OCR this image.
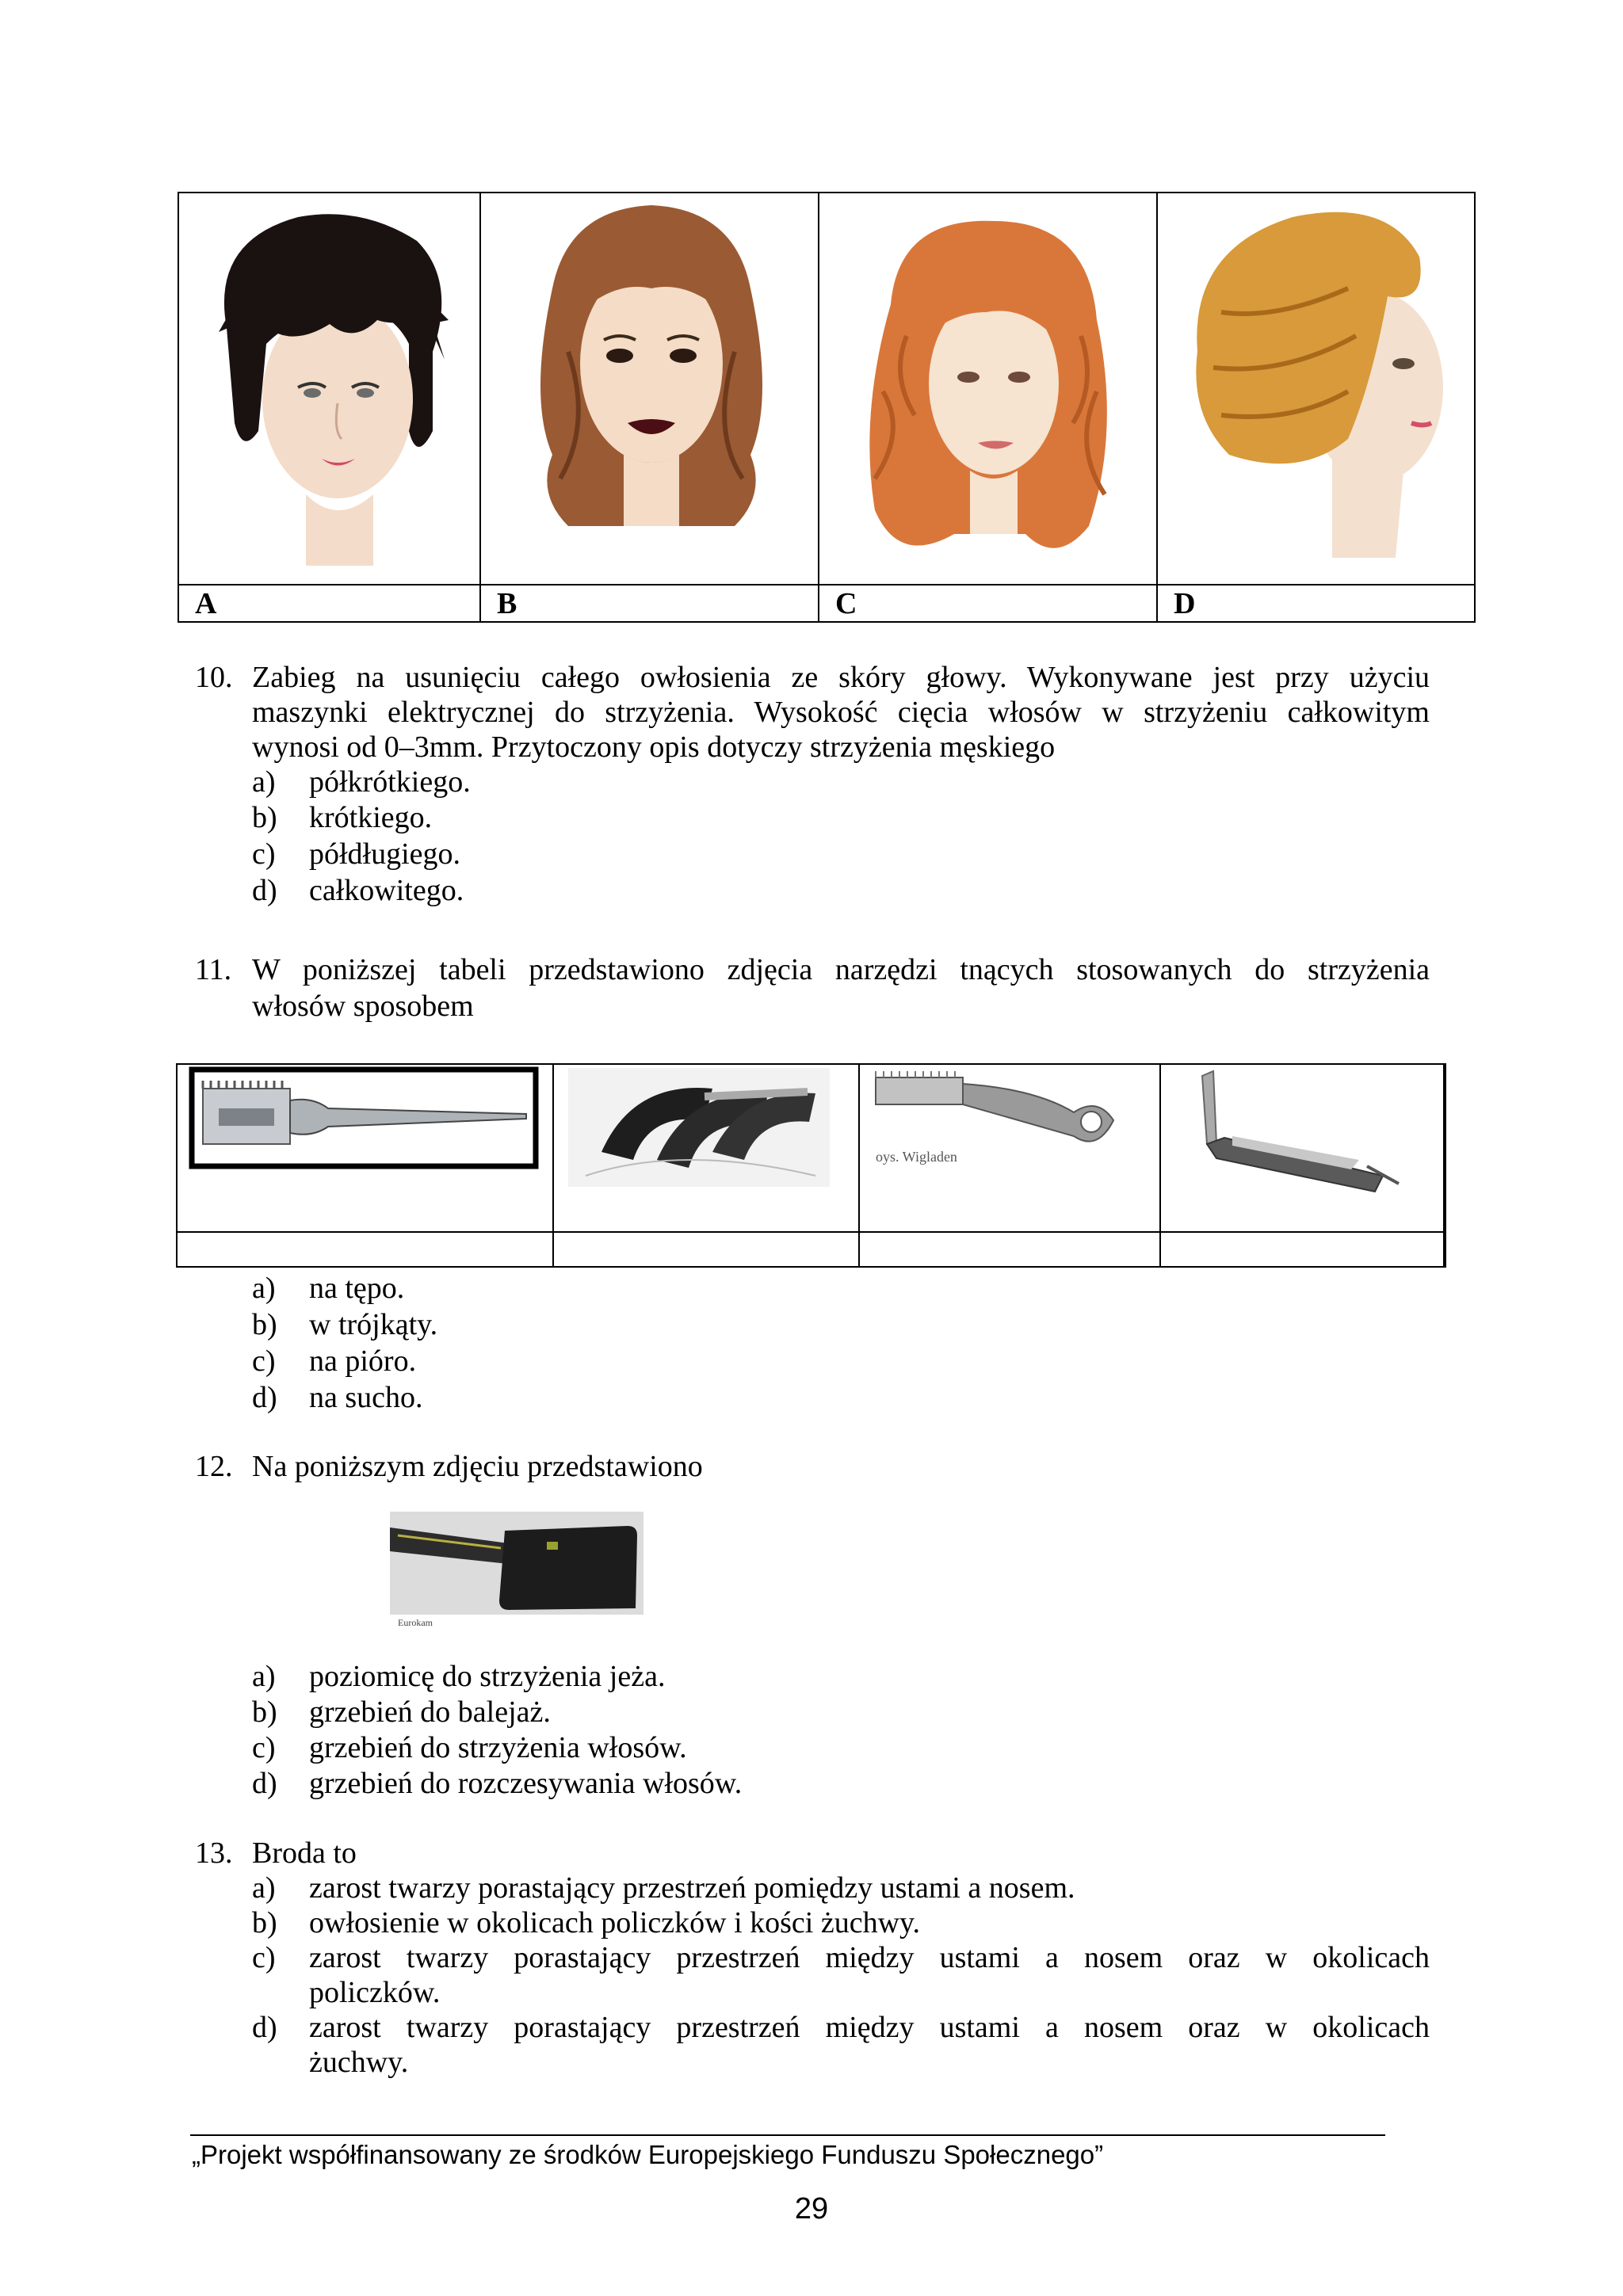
A	B	C	D
10. Zabieg na usunięciu całego owłosienia ze skóry głowy. Wykonywane jest przy użyciu
maszynki elektrycznej do strzyżenia. Wysokość cięcia włosów w strzyżeniu całkowitym
wynosi od 0–3mm. Przytoczony opis dotyczy strzyżenia męskiego
a) półkrótkiego.
b) krótkiego.
c) półdługiego.
d) całkowitego.
11. W poniższej tabeli przedstawiono zdjęcia narzędzi tnących stosowanych do strzyżenia
włosów sposobem
oys. Wigladen
a) na tępo.
b) w trójkąty.
c) na pióro.
d) na sucho.
12. Na poniższym zdjęciu przedstawiono
Eurokam
a) poziomicę do strzyżenia jeża.
b) grzebień do balejaż.
c) grzebień do strzyżenia włosów.
d) grzebień do rozczesywania włosów.
13. Broda to
a) zarost twarzy porastający przestrzeń pomiędzy ustami a nosem.
b) owłosienie w okolicach policzków i kości żuchwy.
c) zarost twarzy porastający przestrzeń między ustami a nosem oraz w okolicach
policzków.
d) zarost twarzy porastający przestrzeń między ustami a nosem oraz w okolicach
żuchwy.
„Projekt współfinansowany ze środków Europejskiego Funduszu Społecznego”
29
